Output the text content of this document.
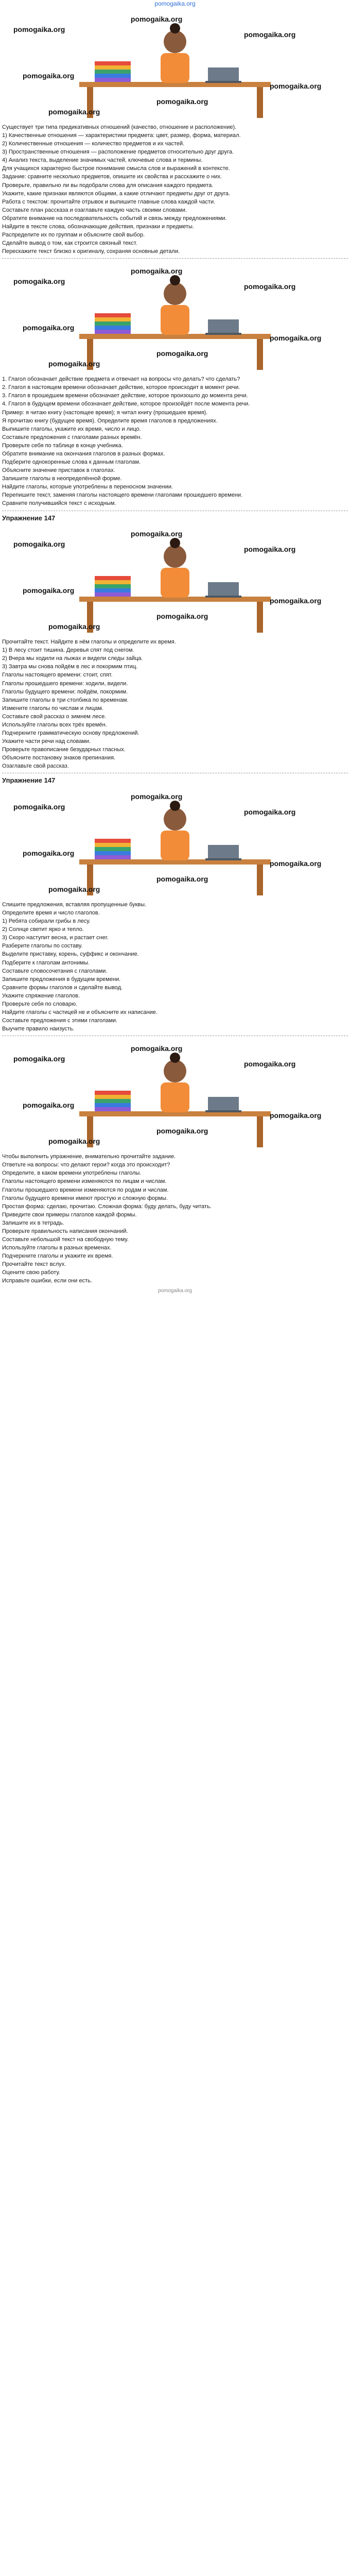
pomogaika.org
pomogaika.org
pomogaika.org
pomogaika.org
pomogaika.org
pomogaika.org
pomogaika.org
pomogaika.org

Существует три типа предикативных отношений (качество, отношение и расположение).

1) Качественные отношения — характеристики предмета: цвет, размер, форма, материал.

2) Количественные отношения — количество предметов и их частей.

3) Пространственные отношения — расположение предметов относительно друг друга.

4) Анализ текста, выделение значимых частей, ключевые слова и термины.

Для учащихся характерно быстрое понимание смысла слов и выражений в контексте.

Задание: сравните несколько предметов, опишите их свойства и расскажите о них.

Проверьте, правильно ли вы подобрали слова для описания каждого предмета.

Укажите, какие признаки являются общими, а какие отличают предметы друг от друга.

Работа с текстом: прочитайте отрывок и выпишите главные слова каждой части.

Составьте план рассказа и озаглавьте каждую часть своими словами.

Обратите внимание на последовательность событий и связь между предложениями.

Найдите в тексте слова, обозначающие действия, признаки и предметы.

Распределите их по группам и объясните свой выбор.

Сделайте вывод о том, как строится связный текст.

Перескажите текст близко к оригиналу, сохраняя основные детали.

pomogaika.org
pomogaika.org
pomogaika.org
pomogaika.org
pomogaika.org
pomogaika.org
pomogaika.org

1. Глагол обозначает действие предмета и отвечает на вопросы что делать? что сделать?

2. Глагол в настоящем времени обозначает действие, которое происходит в момент речи.

3. Глагол в прошедшем времени обозначает действие, которое произошло до момента речи.

4. Глагол в будущем времени обозначает действие, которое произойдёт после момента речи.

Пример: я читаю книгу (настоящее время); я читал книгу (прошедшее время).

Я прочитаю книгу (будущее время). Определите время глаголов в предложениях.

Выпишите глаголы, укажите их время, число и лицо.

Составьте предложения с глаголами разных времён.

Проверьте себя по таблице в конце учебника.

Обратите внимание на окончания глаголов в разных формах.

Подберите однокоренные слова к данным глаголам.

Объясните значение приставок в глаголах.

Запишите глаголы в неопределённой форме.

Найдите глаголы, которые употреблены в переносном значении.

Перепишите текст, заменяя глаголы настоящего времени глаголами прошедшего времени.

Сравните получившийся текст с исходным.

Упражнение 147
pomogaika.org
pomogaika.org
pomogaika.org
pomogaika.org
pomogaika.org
pomogaika.org
pomogaika.org

Прочитайте текст. Найдите в нём глаголы и определите их время.

1) В лесу стоит тишина. Деревья спят под снегом.

2) Вчера мы ходили на лыжах и видели следы зайца.

3) Завтра мы снова пойдём в лес и покормим птиц.

Глаголы настоящего времени: стоит, спят.

Глаголы прошедшего времени: ходили, видели.

Глаголы будущего времени: пойдём, покормим.

Запишите глаголы в три столбика по временам.

Измените глаголы по числам и лицам.

Составьте свой рассказ о зимнем лесе.

Используйте глаголы всех трёх времён.

Подчеркните грамматическую основу предложений.

Укажите части речи над словами.

Проверьте правописание безударных гласных.

Объясните постановку знаков препинания.

Озаглавьте свой рассказ.

Упражнение 147
pomogaika.org
pomogaika.org
pomogaika.org
pomogaika.org
pomogaika.org
pomogaika.org
pomogaika.org

Спишите предложения, вставляя пропущенные буквы.

Определите время и число глаголов.

1) Ребята собирали грибы в лесу.

2) Солнце светит ярко и тепло.

3) Скоро наступит весна, и растает снег.

Разберите глаголы по составу.

Выделите приставку, корень, суффикс и окончание.

Подберите к глаголам антонимы.

Составьте словосочетания с глаголами.

Запишите предложения в будущем времени.

Сравните формы глаголов и сделайте вывод.

Укажите спряжение глаголов.

Проверьте себя по словарю.

Найдите глаголы с частицей не и объясните их написание.

Составьте предложения с этими глаголами.

Выучите правило наизусть.

pomogaika.org
pomogaika.org
pomogaika.org
pomogaika.org
pomogaika.org
pomogaika.org
pomogaika.org

Чтобы выполнить упражнение, внимательно прочитайте задание.

Ответьте на вопросы: что делают герои? когда это происходит?

Определите, в каком времени употреблены глаголы.

Глаголы настоящего времени изменяются по лицам и числам.

Глаголы прошедшего времени изменяются по родам и числам.

Глаголы будущего времени имеют простую и сложную формы.

Простая форма: сделаю, прочитаю. Сложная форма: буду делать, буду читать.

Приведите свои примеры глаголов каждой формы.

Запишите их в тетрадь.

Проверьте правильность написания окончаний.

Составьте небольшой текст на свободную тему.

Используйте глаголы в разных временах.

Подчеркните глаголы и укажите их время.

Прочитайте текст вслух.

Оцените свою работу.

Исправьте ошибки, если они есть.

pomogaika.org
